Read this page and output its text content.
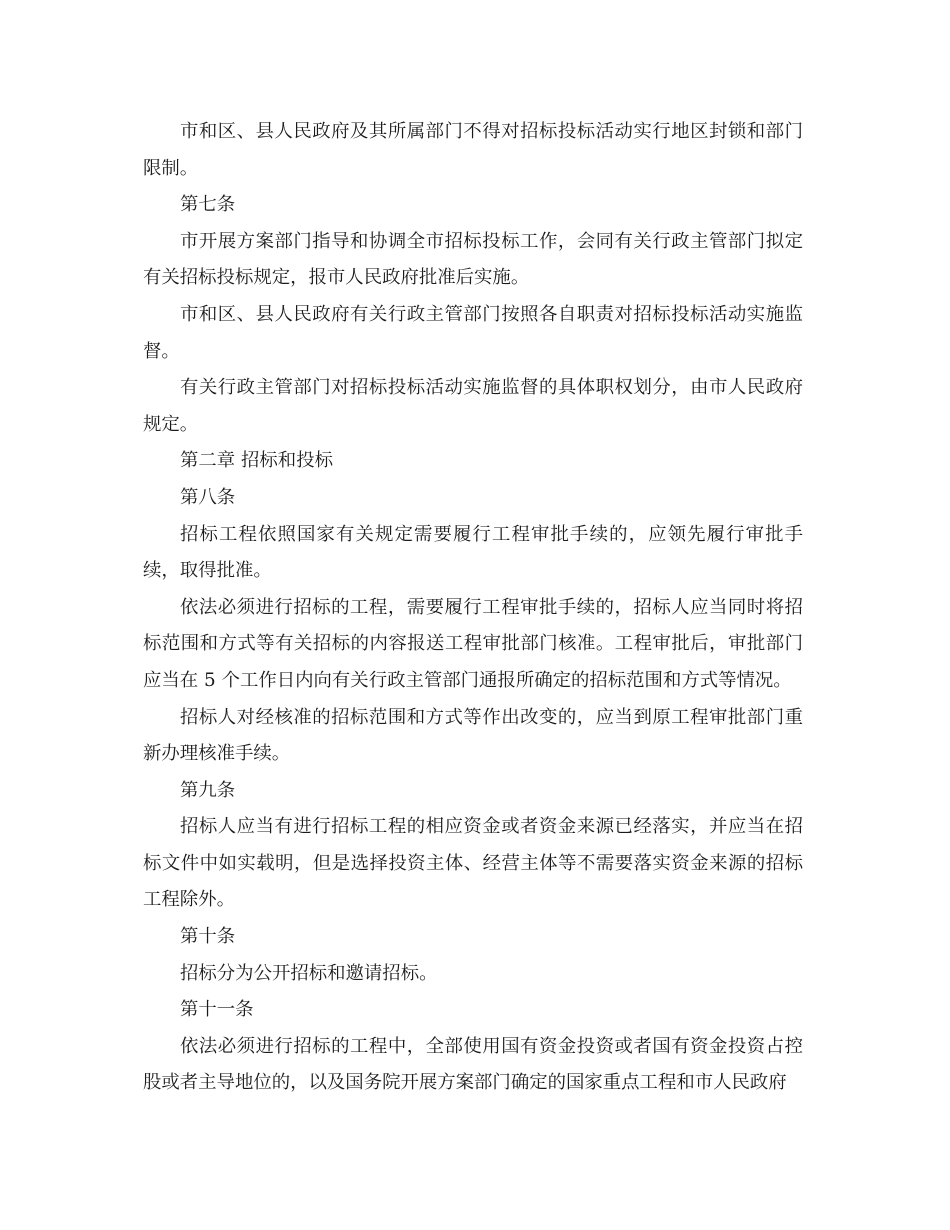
市和区、县人民政府及其所属部门不得对招标投标活动实行地区封锁和部门限制。

第七条

市开展方案部门指导和协调全市招标投标工作，会同有关行政主管部门拟定有关招标投标规定，报市人民政府批准后实施。

市和区、县人民政府有关行政主管部门按照各自职责对招标投标活动实施监督。

有关行政主管部门对招标投标活动实施监督的具体职权划分，由市人民政府规定。

第二章 招标和投标

第八条

招标工程依照国家有关规定需要履行工程审批手续的，应领先履行审批手续，取得批准。

依法必须进行招标的工程，需要履行工程审批手续的，招标人应当同时将招标范围和方式等有关招标的内容报送工程审批部门核准。工程审批后，审批部门应当在 5 个工作日内向有关行政主管部门通报所确定的招标范围和方式等情况。

招标人对经核准的招标范围和方式等作出改变的，应当到原工程审批部门重新办理核准手续。

第九条

招标人应当有进行招标工程的相应资金或者资金来源已经落实，并应当在招标文件中如实载明，但是选择投资主体、经营主体等不需要落实资金来源的招标工程除外。

第十条

招标分为公开招标和邀请招标。

第十一条

依法必须进行招标的工程中，全部使用国有资金投资或者国有资金投资占控股或者主导地位的，以及国务院开展方案部门确定的国家重点工程和市人民政府
